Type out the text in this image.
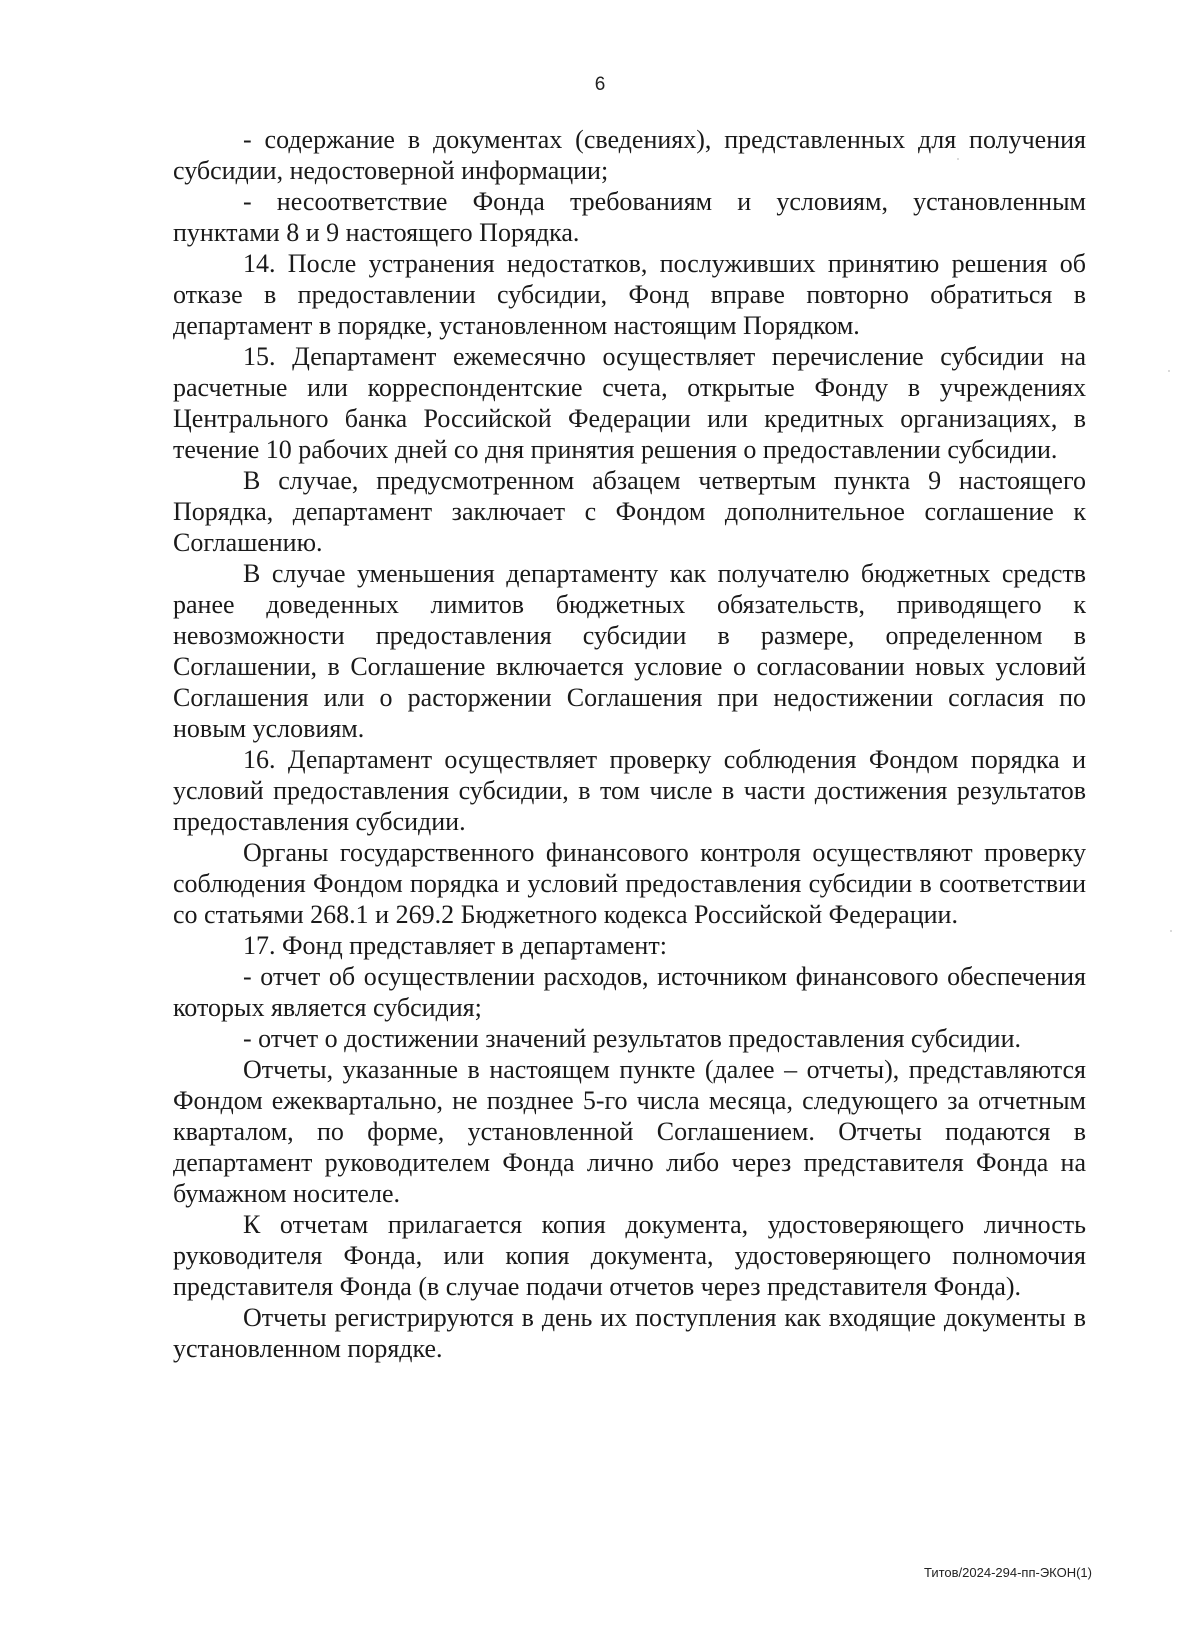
6

- содержание в документах (сведениях), представленных для получения субсидии, недостоверной информации;

- несоответствие Фонда требованиям и условиям, установленным пунктами 8 и 9 настоящего Порядка.

14. После устранения недостатков, послуживших принятию решения об отказе в предоставлении субсидии, Фонд вправе повторно обратиться в департамент в порядке, установленном настоящим Порядком.

15. Департамент ежемесячно осуществляет перечисление субсидии на расчетные или корреспондентские счета, открытые Фонду в учреждениях Центрального банка Российской Федерации или кредитных организациях, в течение 10 рабочих дней со дня принятия решения о предоставлении субсидии.

В случае, предусмотренном абзацем четвертым пункта 9 настоящего Порядка, департамент заключает с Фондом дополнительное соглашение к Соглашению.

В случае уменьшения департаменту как получателю бюджетных средств ранее доведенных лимитов бюджетных обязательств, приводящего к невозможности предоставления субсидии в размере, определенном в Соглашении, в Соглашение включается условие о согласовании новых условий Соглашения или о расторжении Соглашения при недостижении согласия по новым условиям.

16. Департамент осуществляет проверку соблюдения Фондом порядка и условий предоставления субсидии, в том числе в части достижения результатов предоставления субсидии.

Органы государственного финансового контроля осуществляют проверку соблюдения Фондом порядка и условий предоставления субсидии в соответствии со статьями 268.1 и 269.2 Бюджетного кодекса Российской Федерации.

17. Фонд представляет в департамент:

- отчет об осуществлении расходов, источником финансового обеспечения которых является субсидия;

- отчет о достижении значений результатов предоставления субсидии.

Отчеты, указанные в настоящем пункте (далее – отчеты), представляются Фондом ежеквартально, не позднее 5-го числа месяца, следующего за отчетным кварталом, по форме, установленной Соглашением. Отчеты подаются в департамент руководителем Фонда лично либо через представителя Фонда на бумажном носителе.

К отчетам прилагается копия документа, удостоверяющего личность руководителя Фонда, или копия документа, удостоверяющего полномочия представителя Фонда (в случае подачи отчетов через представителя Фонда).

Отчеты регистрируются в день их поступления как входящие документы в установленном порядке.

Титов/2024-294-пп-ЭКОН(1)
